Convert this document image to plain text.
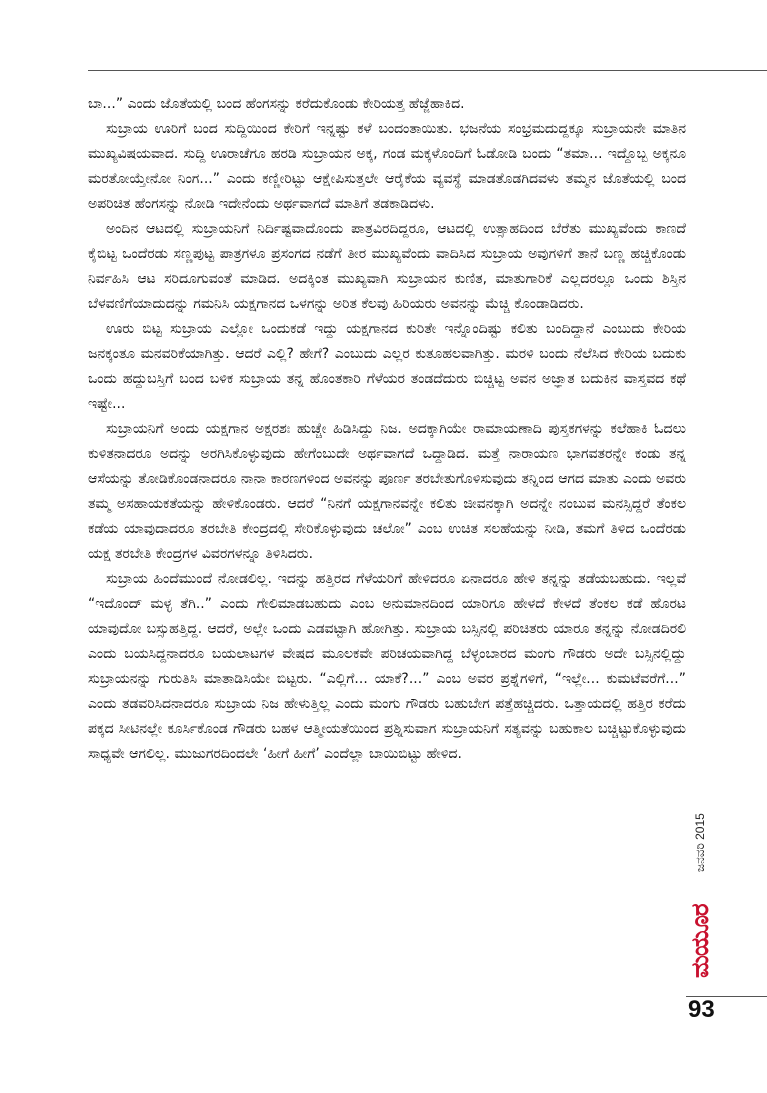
ಬಾ...” ಎಂದು ಜೊತೆಯಲ್ಲಿ ಬಂದ ಹೆಂಗಸನ್ನು ಕರೆದುಕೊಂಡು ಕೇರಿಯತ್ತ ಹೆಜ್ಜೆಹಾಕಿದ.

ಸುಬ್ರಾಯ ಊರಿಗೆ ಬಂದ ಸುದ್ದಿಯಿಂದ ಕೇರಿಗೆ ಇನ್ನಷ್ಟು ಕಳೆ ಬಂದಂತಾಯಿತು. ಭಜನೆಯ ಸಂಭ್ರಮದುದ್ದಕ್ಕೂ ಸುಬ್ರಾಯನೇ ಮಾತಿನ ಮುಖ್ಯವಿಷಯವಾದ. ಸುದ್ದಿ ಊರಾಚೆಗೂ ಹರಡಿ ಸುಬ್ರಾಯನ ಅಕ್ಕ, ಗಂಡ ಮಕ್ಕಳೊಂದಿಗೆ ಓಡೋಡಿ ಬಂದು “ತಮಾ... ಇದ್ದೊಬ್ಬ ಅಕ್ಕನೂ ಮರತೋಯ್ತೇನೋ ನಿಂಗ...” ಎಂದು ಕಣ್ಣೀರಿಟ್ಟು ಆಕ್ಷೇಪಿಸುತ್ತಲೇ ಆರೈಕೆಯ ವ್ಯವಸ್ಥೆ ಮಾಡತೊಡಗಿದವಳು ತಮ್ಮನ ಜೊತೆಯಲ್ಲಿ ಬಂದ ಅಪರಿಚಿತ ಹೆಂಗಸನ್ನು ನೋಡಿ ಇದೇನೆಂದು ಅರ್ಥವಾಗದೆ ಮಾತಿಗೆ ತಡಕಾಡಿದಳು.

ಅಂದಿನ ಆಟದಲ್ಲಿ ಸುಬ್ರಾಯನಿಗೆ ನಿರ್ದಿಷ್ಟವಾದೊಂದು ಪಾತ್ರವಿರದಿದ್ದರೂ, ಆಟದಲ್ಲಿ ಉತ್ಸಾಹದಿಂದ ಬೆರೆತು ಮುಖ್ಯವೆಂದು ಕಾಣದೆ ಕೈಬಿಟ್ಟ ಒಂದೆರಡು ಸಣ್ಣಪುಟ್ಟ ಪಾತ್ರಗಳೂ ಪ್ರಸಂಗದ ನಡೆಗೆ ತೀರ ಮುಖ್ಯವೆಂದು ವಾದಿಸಿದ ಸುಬ್ರಾಯ ಅವುಗಳಿಗೆ ತಾನೆ ಬಣ್ಣ ಹಚ್ಚಿಕೊಂಡು ನಿರ್ವಹಿಸಿ ಆಟ ಸರಿದೂಗುವಂತೆ ಮಾಡಿದ. ಅದಕ್ಕಿಂತ ಮುಖ್ಯವಾಗಿ ಸುಬ್ರಾಯನ ಕುಣಿತ, ಮಾತುಗಾರಿಕೆ ಎಲ್ಲದರಲ್ಲೂ ಒಂದು ಶಿಸ್ತಿನ ಬೆಳವಣಿಗೆಯಾದುದನ್ನು ಗಮನಿಸಿ ಯಕ್ಷಗಾನದ ಒಳಗನ್ನು ಅರಿತ ಕೆಲವು ಹಿರಿಯರು ಅವನನ್ನು ಮೆಚ್ಚಿ ಕೊಂಡಾಡಿದರು.

ಊರು ಬಿಟ್ಟ ಸುಬ್ರಾಯ ಎಲ್ಲೋ ಒಂದುಕಡೆ ಇದ್ದು ಯಕ್ಷಗಾನದ ಕುರಿತೇ ಇನ್ನೊಂದಿಷ್ಟು ಕಲಿತು ಬಂದಿದ್ದಾನೆ ಎಂಬುದು ಕೇರಿಯ ಜನಕ್ಕಂತೂ ಮನವರಿಕೆಯಾಗಿತ್ತು. ಆದರೆ ಎಲ್ಲಿ? ಹೇಗೆ? ಎಂಬುದು ಎಲ್ಲರ ಕುತೂಹಲವಾಗಿತ್ತು. ಮರಳಿ ಬಂದು ನೆಲೆಸಿದ ಕೇರಿಯ ಬದುಕು ಒಂದು ಹದ್ದುಬಸ್ತಿಗೆ ಬಂದ ಬಳಿಕ ಸುಬ್ರಾಯ ತನ್ನ ಹೊಂತಕಾರಿ ಗೆಳೆಯರ ತಂಡದೆದುರು ಬಿಚ್ಚಿಟ್ಟ ಅವನ ಅಜ್ಞಾತ ಬದುಕಿನ ವಾಸ್ತವದ ಕಥೆ ಇಷ್ಟೇ...

ಸುಬ್ರಾಯನಿಗೆ ಅಂದು ಯಕ್ಷಗಾನ ಅಕ್ಷರಶಃ ಹುಚ್ಚೇ ಹಿಡಿಸಿದ್ದು ನಿಜ. ಅದಕ್ಕಾಗಿಯೇ ರಾಮಾಯಣಾದಿ ಪುಸ್ತಕಗಳನ್ನು ಕಲೆಹಾಕಿ ಓದಲು ಕುಳಿತನಾದರೂ ಅದನ್ನು ಅರಗಿಸಿಕೊಳ್ಳುವುದು ಹೇಗೆಂಬುದೇ ಅರ್ಥವಾಗದೆ ಒದ್ದಾಡಿದ. ಮತ್ತೆ ನಾರಾಯಣ ಭಾಗವತರನ್ನೇ ಕಂಡು ತನ್ನ ಆಸೆಯನ್ನು ತೋಡಿಕೊಂಡನಾದರೂ ನಾನಾ ಕಾರಣಗಳಿಂದ ಅವನನ್ನು ಪೂರ್ಣ ತರಬೇತುಗೊಳಿಸುವುದು ತನ್ನಿಂದ ಆಗದ ಮಾತು ಎಂದು ಅವರು ತಮ್ಮ ಅಸಹಾಯಕತೆಯನ್ನು ಹೇಳಿಕೊಂಡರು. ಆದರೆ “ನಿನಗೆ ಯಕ್ಷಗಾನವನ್ನೇ ಕಲಿತು ಜೀವನಕ್ಕಾಗಿ ಅದನ್ನೇ ನಂಬುವ ಮನಸ್ಸಿದ್ದರೆ ತೆಂಕಲ ಕಡೆಯ ಯಾವುದಾದರೂ ತರಬೇತಿ ಕೇಂದ್ರದಲ್ಲಿ ಸೇರಿಕೊಳ್ಳುವುದು ಚಲೋ” ಎಂಬ ಉಚಿತ ಸಲಹೆಯನ್ನು ನೀಡಿ, ತಮಗೆ ತಿಳಿದ ಒಂದೆರಡು ಯಕ್ಷ ತರಬೇತಿ ಕೇಂದ್ರಗಳ ವಿವರಗಳನ್ನೂ ತಿಳಿಸಿದರು.

ಸುಬ್ರಾಯ ಹಿಂದೆಮುಂದೆ ನೋಡಲಿಲ್ಲ. ಇದನ್ನು ಹತ್ತಿರದ ಗೆಳೆಯರಿಗೆ ಹೇಳಿದರೂ ಏನಾದರೂ ಹೇಳಿ ತನ್ನನ್ನು ತಡೆಯಬಹುದು. ಇಲ್ಲವೆ “ಇದೊಂದ್ ಮಳ್ಳ ತೆಗಿ..” ಎಂದು ಗೇಲಿಮಾಡಬಹುದು ಎಂಬ ಅನುಮಾನದಿಂದ ಯಾರಿಗೂ ಹೇಳದೆ ಕೇಳದೆ ತೆಂಕಲ ಕಡೆ ಹೊರಟ ಯಾವುದೋ ಬಸ್ಸುಹತ್ತಿದ್ದ. ಆದರೆ, ಅಲ್ಲೇ ಒಂದು ಎಡವಟ್ಟಾಗಿ ಹೋಗಿತ್ತು. ಸುಬ್ರಾಯ ಬಸ್ಸಿನಲ್ಲಿ ಪರಿಚಿತರು ಯಾರೂ ತನ್ನನ್ನು ನೋಡದಿರಲಿ ಎಂದು ಬಯಸಿದ್ದನಾದರೂ ಬಯಲಾಟಗಳ ವೇಷದ ಮೂಲಕವೇ ಪರಿಚಯವಾಗಿದ್ದ ಬೆಳ್ಳಂಬಾರದ ಮಂಗು ಗೌಡರು ಅದೇ ಬಸ್ಸಿನಲ್ಲಿದ್ದು ಸುಬ್ರಾಯನನ್ನು ಗುರುತಿಸಿ ಮಾತಾಡಿಸಿಯೇ ಬಿಟ್ಟರು. “ಎಲ್ಲಿಗೆ... ಯಾಕೆ?...” ಎಂಬ ಅವರ ಪ್ರಶ್ನೆಗಳಿಗೆ, “ಇಲ್ಲೇ... ಕುಮಟೆವರೆಗೆ...” ಎಂದು ತಡವರಿಸಿದನಾದರೂ ಸುಬ್ರಾಯ ನಿಜ ಹೇಳುತ್ತಿಲ್ಲ ಎಂದು ಮಂಗು ಗೌಡರು ಬಹುಬೇಗ ಪತ್ತೆಹಚ್ಚಿದರು. ಒತ್ತಾಯದಲ್ಲಿ ಹತ್ತಿರ ಕರೆದು ಪಕ್ಕದ ಸೀಟಿನಲ್ಲೇ ಕೂರ್ಸಿಕೊಂಡ ಗೌಡರು ಬಹಳ ಆತ್ಮೀಯತೆಯಿಂದ ಪ್ರಶ್ನಿಸುವಾಗ ಸುಬ್ರಾಯನಿಗೆ ಸತ್ಯವನ್ನು ಬಹುಕಾಲ ಬಚ್ಚಿಟ್ಟುಕೊಳ್ಳುವುದು ಸಾಧ್ಯವೇ ಆಗಲಿಲ್ಲ. ಮುಜುಗರದಿಂದಲೇ ‘ಹೀಗೆ ಹೀಗೆ’ ಎಂದೆಲ್ಲಾ ಬಾಯಿಬಿಟ್ಟು ಹೇಳಿದ.

ಜನವರಿ 2015
ಮಯೂರ
93
